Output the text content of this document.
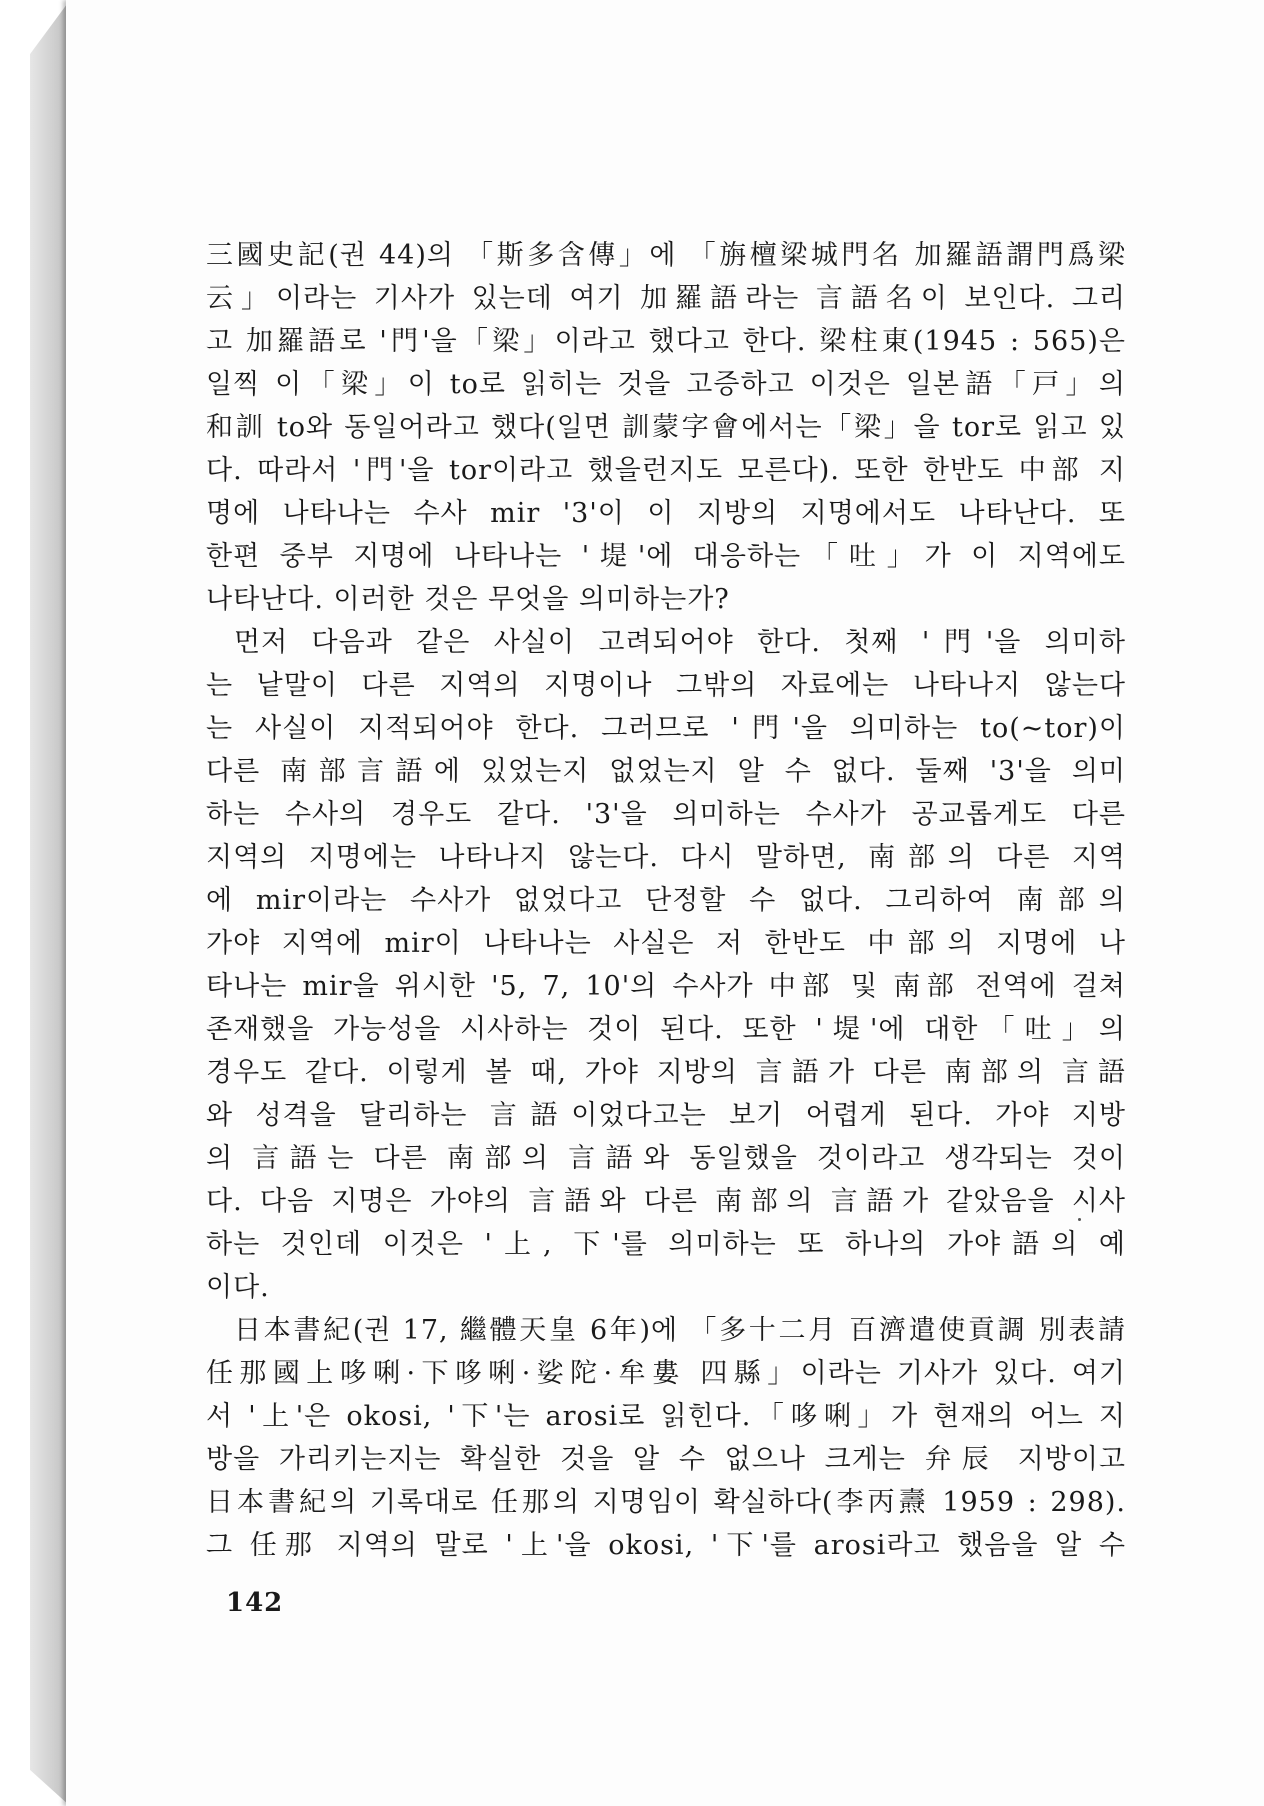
三國史記(권 44)의 「斯多含傳」에 「旃檀梁城門名 加羅語謂門爲梁
云」이라는 기사가 있는데 여기 加羅語라는 言語名이 보인다. 그리
고 加羅語로 '門'을「梁」이라고 했다고 한다. 梁柱東(1945 : 565)은
일찍 이「梁」이 to로 읽히는 것을 고증하고 이것은 일본語「戸」의
和訓 to와 동일어라고 했다(일면 訓蒙字會에서는「梁」을 tor로 읽고 있
다. 따라서 '門'을 tor이라고 했을런지도 모른다). 또한 한반도 中部 지
명에 나타나는 수사 mir '3'이 이 지방의 지명에서도 나타난다. 또
한편 중부 지명에 나타나는 '堤'에 대응하는「吐」가 이 지역에도
나타난다. 이러한 것은 무엇을 의미하는가?
먼저 다음과 같은 사실이 고려되어야 한다. 첫째 '門'을 의미하
는 낱말이 다른 지역의 지명이나 그밖의 자료에는 나타나지 않는다
는 사실이 지적되어야 한다. 그러므로 '門'을 의미하는 to(~tor)이
다른 南部言語에 있었는지 없었는지 알 수 없다. 둘째 '3'을 의미
하는 수사의 경우도 같다. '3'을 의미하는 수사가 공교롭게도 다른
지역의 지명에는 나타나지 않는다. 다시 말하면, 南部의 다른 지역
에 mir이라는 수사가 없었다고 단정할 수 없다. 그리하여 南部의
가야 지역에 mir이 나타나는 사실은 저 한반도 中部의 지명에 나
타나는 mir을 위시한 '5, 7, 10'의 수사가 中部 및 南部 전역에 걸쳐
존재했을 가능성을 시사하는 것이 된다. 또한 '堤'에 대한「吐」의
경우도 같다. 이렇게 볼 때, 가야 지방의 言語가 다른 南部의 言語
와 성격을 달리하는 言語이었다고는 보기 어렵게 된다. 가야 지방
의 言語는 다른 南部의 言語와 동일했을 것이라고 생각되는 것이
다. 다음 지명은 가야의 言語와 다른 南部의 言語가 같았음을 시사
하는 것인데 이것은 '上, 下'를 의미하는 또 하나의 가야語의 예
이다.
日本書紀(권 17, 繼體天皇 6年)에 「多十二月 百濟遣使貢調 別表請
任那國上哆唎·下哆唎·娑陀·牟婁 四縣」이라는 기사가 있다. 여기
서 '上'은 okosi, '下'는 arosi로 읽힌다.「哆唎」가 현재의 어느 지
방을 가리키는지는 확실한 것을 알 수 없으나 크게는 弁辰 지방이고
日本書紀의 기록대로 任那의 지명임이 확실하다(李丙燾 1959 : 298).
그 任那 지역의 말로 '上'을 okosi, '下'를 arosi라고 했음을 알 수
142
